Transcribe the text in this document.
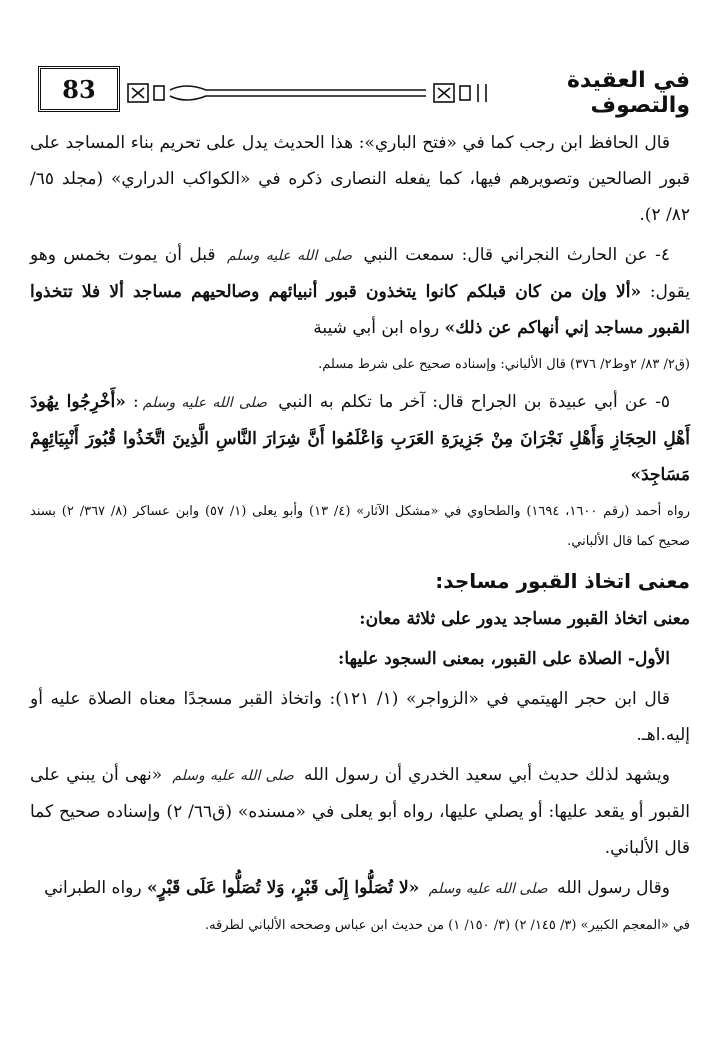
83	في العقيدة والتصوف

قال الحافظ ابن رجب كما في «فتح الباري»: هذا الحديث يدل على تحريم بناء المساجد على قبور الصالحين وتصويرهم فيها، كما يفعله النصارى ذكره في «الكواكب الدراري» (مجلد ٦٥/ ٨٢/ ٢).

٤- عن الحارث النجراني قال: سمعت النبي صلى الله عليه وسلم قبل أن يموت بخمس وهو يقول: «ألا وإن من كان قبلكم كانوا يتخذون قبور أنبيائهم وصالحيهم مساجد ألا فلا تتخذوا القبور مساجد إني أنهاكم عن ذلك» رواه ابن أبي شيبة

(ق٢/ ٨٣/ ٢وط٢/ ٣٧٦) قال الألباني: وإسناده صحيح على شرط مسلم.

٥- عن أبي عبيدة بن الجراح قال: آخر ما تكلم به النبي صلى الله عليه وسلم: «أَخْرِجُوا يهُودَ أَهْلِ الحِجَازِ وَأَهْلِ نَجْرَانَ مِنْ جَزِيرَةِ العَرَبِ وَاعْلَمُوا أَنَّ شِرَارَ النَّاسِ الَّذِينَ اتَّخَذُوا قُبُورَ أَنْبِيَائِهِمْ مَسَاجِدَ»

رواه أحمد (رقم ١٦٠٠، ١٦٩٤) والطحاوي في «مشكل الآثار» (٤/ ١٣) وأبو يعلى (١/ ٥٧) وابن عساكر (٨/ ٣٦٧/ ٢) بسند صحيح كما قال الألباني.

معنى اتخاذ القبور مساجد:

معنى اتخاذ القبور مساجد يدور على ثلاثة معان:

الأول- الصلاة على القبور، بمعنى السجود عليها:

قال ابن حجر الهيتمي في «الزواجر» (١/ ١٢١): واتخاذ القبر مسجدًا معناه الصلاة عليه أو إليه.اهـ.

ويشهد لذلك حديث أبي سعيد الخدري أن رسول الله صلى الله عليه وسلم «نهى أن يبني على القبور أو يقعد عليها: أو يصلي عليها، رواه أبو يعلى في «مسنده» (ق٦٦/ ٢) وإسناده صحيح كما قال الألباني.

وقال رسول الله صلى الله عليه وسلم «لا تُصَلُّوا إِلَى قَبْرٍ، وَلا تُصَلُّوا عَلَى قَبْرٍ» رواه الطبراني

في «المعجم الكبير» (٣/ ١٤٥/ ٢) (٣/ ١٥٠/ ١) من حديث ابن عباس وصححه الألباني لطرقه.
